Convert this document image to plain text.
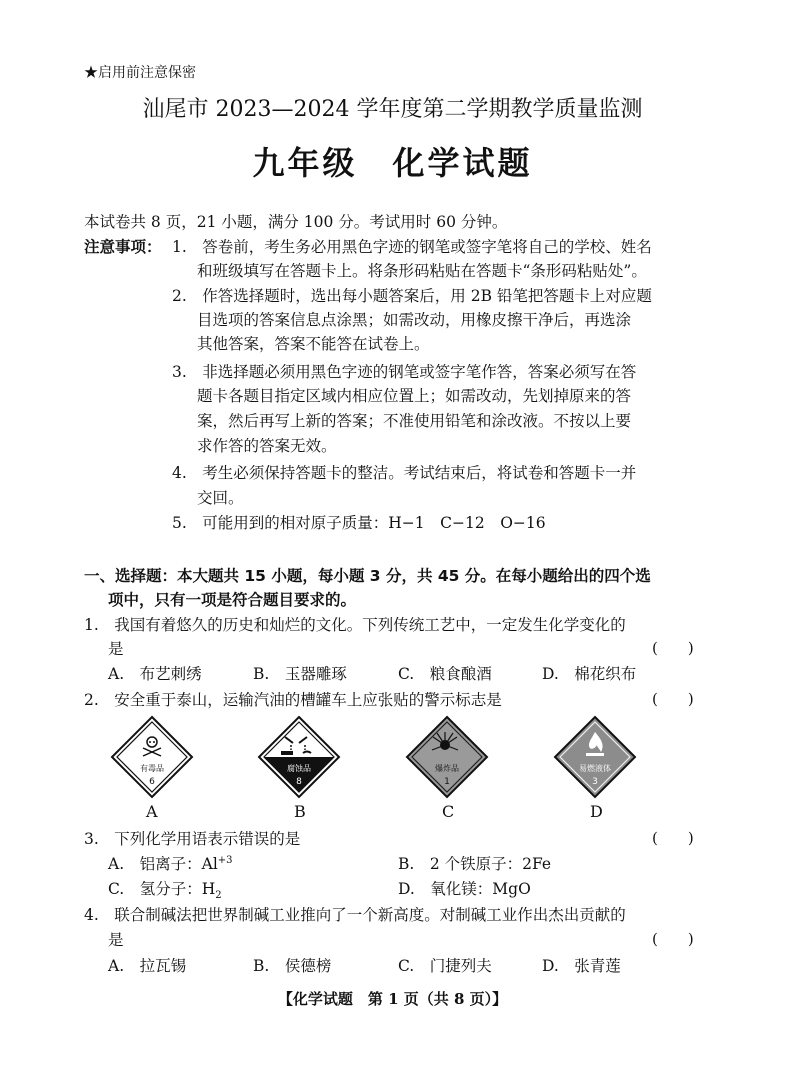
★启用前注意保密
汕尾市 2023—2024 学年度第二学期教学质量监测
九年级　化学试题
本试卷共 8 页，21 小题，满分 100 分。考试用时 60 分钟。
注意事项： 1.　答卷前，考生务必用黑色字迹的钢笔或签字笔将自己的学校、姓名
和班级填写在答题卡上。将条形码粘贴在答题卡“条形码粘贴处”。
2.　作答选择题时，选出每小题答案后，用 2B 铅笔把答题卡上对应题
目选项的答案信息点涂黑；如需改动，用橡皮擦干净后，再选涂
其他答案，答案不能答在试卷上。
3.　非选择题必须用黑色字迹的钢笔或签字笔作答，答案必须写在答
题卡各题目指定区域内相应位置上；如需改动，先划掉原来的答
案，然后再写上新的答案；不准使用铅笔和涂改液。不按以上要
求作答的答案无效。
4.　考生必须保持答题卡的整洁。考试结束后，将试卷和答题卡一并
交回。
5.　可能用到的相对原子质量：H−1　C−12　O−16
一、选择题：本大题共 15 小题，每小题 3 分，共 45 分。在每小题给出的四个选
项中，只有一项是符合题目要求的。
1.　我国有着悠久的历史和灿烂的文化。下列传统工艺中，一定发生化学变化的
是	(　　)
A.　布艺刺绣	B.　玉器雕琢	C.　粮食酿酒	D.　棉花织布
2.　安全重于泰山，运输汽油的槽罐车上应张贴的警示标志是	(　　)
有毒品
6
A
腐蚀品
8
B
爆炸品
1
C
易燃液体
3
D
3.　下列化学用语表示错误的是	(　　)
A.　铝离子：$Al^{+3}$	B.　2 个铁原子：2Fe
C.　氢分子：$H_2$	D.　氧化镁：MgO
4.　联合制碱法把世界制碱工业推向了一个新高度。对制碱工业作出杰出贡献的
是	(　　)
A.　拉瓦锡	B.　侯德榜	C.　门捷列夫	D.　张青莲
【化学试题　第 1 页（共 8 页）】
